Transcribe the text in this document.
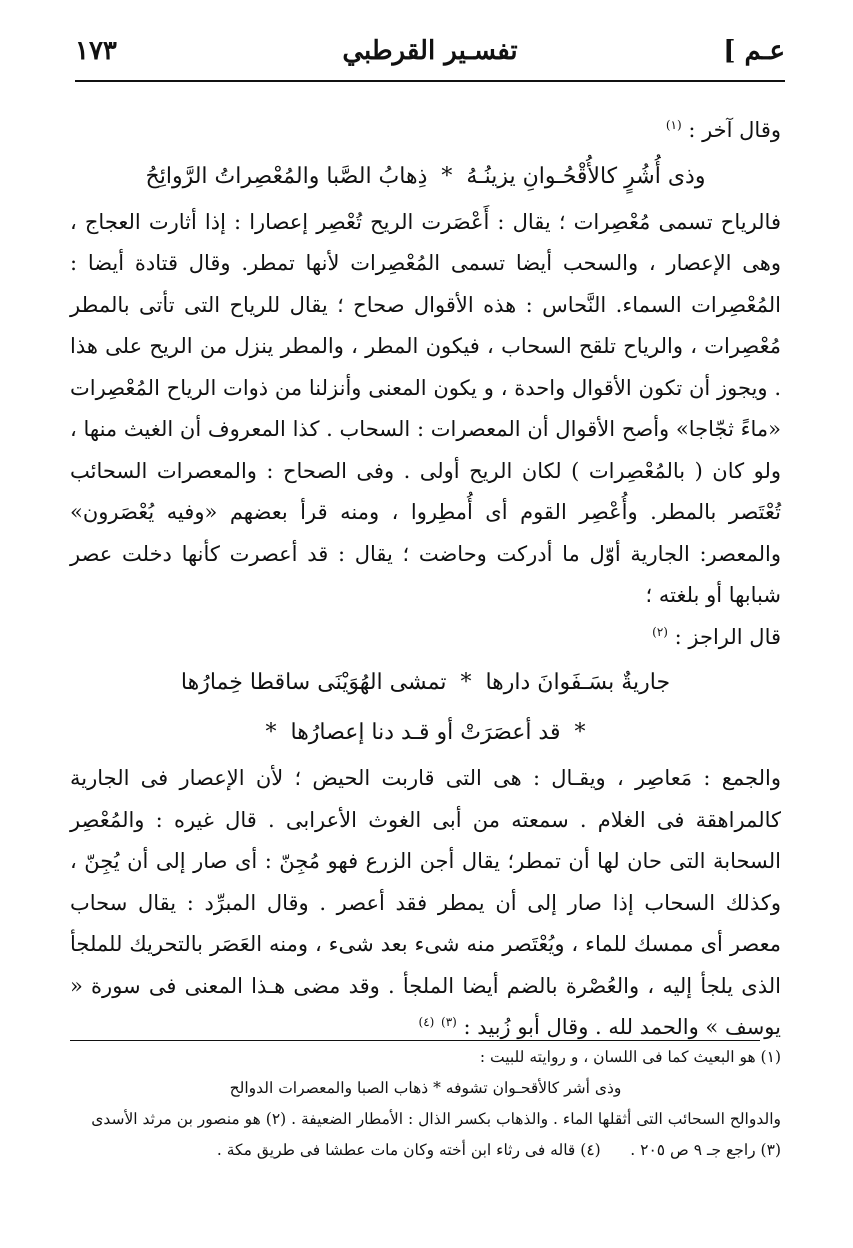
عـم ]
تفسـير القرطبي
١٧٣

وقال آخر : $^{(١)}$

وذى أُشُرٍ كالأُقْحُـوانِ يزينُـهُ*ذِهابُ الصَّبا والمُعْصِراتُ الرَّوائِحُ

فالرياح تسمى مُعْصِرات ؛ يقال : أَعْصَرت الريح تُعْصِر إعصارا : إذا أثارت العجاج ، وهى الإعصار ، والسحب أيضا تسمى المُعْصِرات لأنها تمطر. وقال قتادة أيضا : المُعْصِرات السماء. النَّحاس : هذه الأقوال صحاح ؛ يقال للرياح التى تأتى بالمطر مُعْصِرات ، والرياح تلقح السحاب ، فيكون المطر ، والمطر ينزل من الريح على هذا . ويجوز أن تكون الأقوال واحدة ، و يكون المعنى وأنزلنا من ذوات الرياح المُعْصِرات «ماءً ثجّاجا» وأصح الأقوال أن المعصرات : السحاب . كذا المعروف أن الغيث منها ، ولو كان ( بالمُعْصِرات ) لكان الريح أولى . وفى الصحاح : والمعصرات السحائب تُعْتَصر بالمطر. وأُعْصِر القوم أى أُمطِروا ، ومنه قرأ بعضهم «وفيه يُعْصَرون» والمعصر: الجارية أوّل ما أدركت وحاضت ؛ يقال : قد أعصرت كأنها دخلت عصر شبابها أو بلغته ؛

قال الراجز : $^{(٢)}$

جاريةٌ بسَـفَوانَ دارها*تمشى الهُوَيْنَى ساقطا خِمارُها

*قد أعصَرَتْ أو قـد دنا إعصارُها*

والجمع : مَعاصِر ، ويقـال : هى التى قاربت الحيض ؛ لأن الإعصار فى الجارية كالمراهقة فى الغلام . سمعته من أبى الغوث الأعرابى . قال غيره : والمُعْصِر السحابة التى حان لها أن تمطر؛ يقال أجن الزرع فهو مُجِنّ : أى صار إلى أن يُجِنّ ، وكذلك السحاب إذا صار إلى أن يمطر فقد أعصر . وقال المبرِّد : يقال سحاب معصر أى ممسك للماء ، ويُعْتَصر منه شىء بعد شىء ، ومنه العَصَر بالتحريك للملجأ الذى يلجأ إليه ، والعُصْرة بالضم أيضا الملجأ . وقد مضى هـذا المعنى فى سورة « يوسف » والحمد لله . وقال أبو زُبيد : $^{(٣)}$ $^{(٤)}$

(١) هو البعيث كما فى اللسان ، و روايته للبيت :

وذى أشر كالأقحـوان تشوفه * ذهاب الصبا والمعصرات الدوالح

والدوالح السحائب التى أثقلها الماء . والذهاب بكسر الذال : الأمطار الضعيفة . (٢) هو منصور بن مرثد الأسدى

(٣) راجع جـ ٩ ص ٢٠٥ .      (٤) قاله فى رثاء ابن أخته وكان مات عطشا فى طريق مكة .
